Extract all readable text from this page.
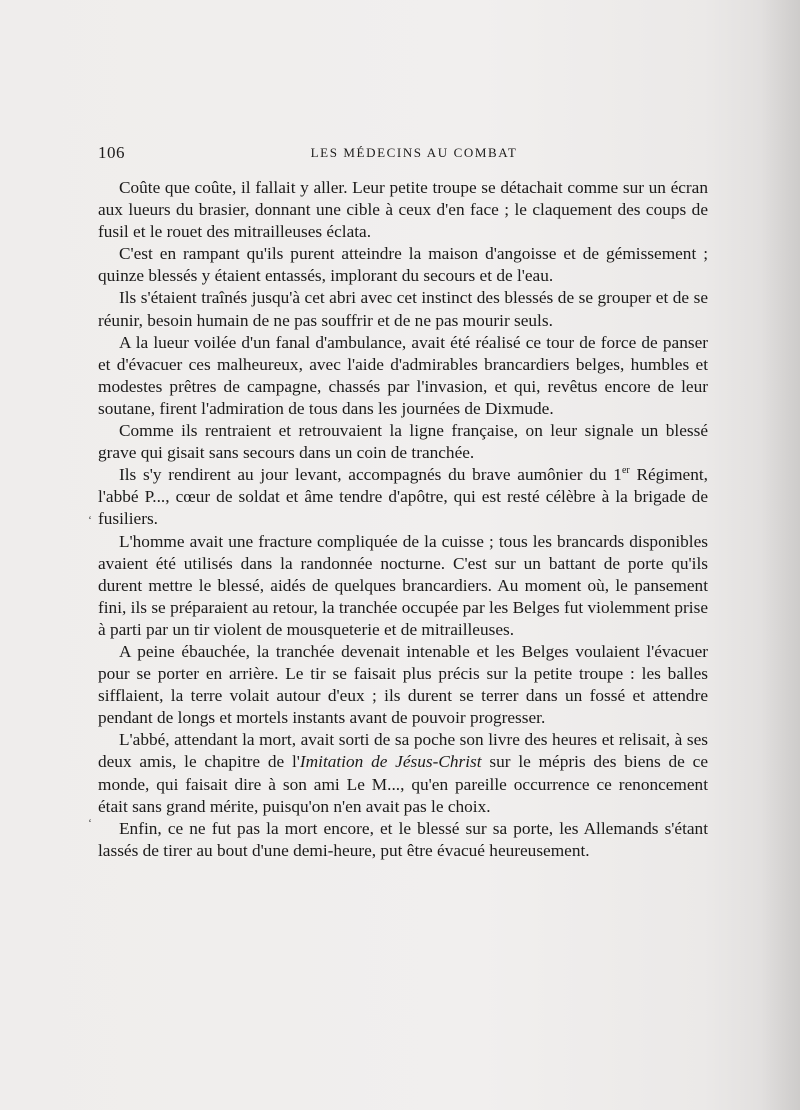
106	LES MÉDECINS AU COMBAT
‘
‘

Coûte que coûte, il fallait y aller. Leur petite troupe se détachait comme sur un écran aux lueurs du brasier, donnant une cible à ceux d'en face ; le claquement des coups de fusil et le rouet des mitrailleuses éclata.

C'est en rampant qu'ils purent atteindre la maison d'angoisse et de gémissement ; quinze blessés y étaient entassés, implorant du secours et de l'eau.

Ils s'étaient traînés jusqu'à cet abri avec cet instinct des blessés de se grouper et de se réunir, besoin humain de ne pas souffrir et de ne pas mourir seuls.

A la lueur voilée d'un fanal d'ambulance, avait été réalisé ce tour de force de panser et d'évacuer ces malheureux, avec l'aide d'admirables brancardiers belges, humbles et modestes prêtres de campagne, chassés par l'invasion, et qui, revêtus encore de leur soutane, firent l'admiration de tous dans les journées de Dixmude.

Comme ils rentraient et retrouvaient la ligne française, on leur signale un blessé grave qui gisait sans secours dans un coin de tranchée.

Ils s'y rendirent au jour levant, accompagnés du brave aumônier du 1er Régiment, l'abbé P..., cœur de soldat et âme tendre d'apôtre, qui est resté célèbre à la brigade de fusiliers.

L'homme avait une fracture compliquée de la cuisse ; tous les brancards disponibles avaient été utilisés dans la randonnée nocturne. C'est sur un battant de porte qu'ils durent mettre le blessé, aidés de quelques brancardiers. Au moment où, le pansement fini, ils se préparaient au retour, la tranchée occupée par les Belges fut violemment prise à parti par un tir violent de mousqueterie et de mitrailleuses.

A peine ébauchée, la tranchée devenait intenable et les Belges voulaient l'évacuer pour se porter en arrière. Le tir se faisait plus précis sur la petite troupe : les balles sifflaient, la terre volait autour d'eux ; ils durent se terrer dans un fossé et attendre pendant de longs et mortels instants avant de pouvoir progresser.

L'abbé, attendant la mort, avait sorti de sa poche son livre des heures et relisait, à ses deux amis, le chapitre de l'Imitation de Jésus-Christ sur le mépris des biens de ce monde, qui faisait dire à son ami Le M..., qu'en pareille occurrence ce renoncement était sans grand mérite, puisqu'on n'en avait pas le choix.

Enfin, ce ne fut pas la mort encore, et le blessé sur sa porte, les Allemands s'étant lassés de tirer au bout d'une demi-heure, put être évacué heureusement.
